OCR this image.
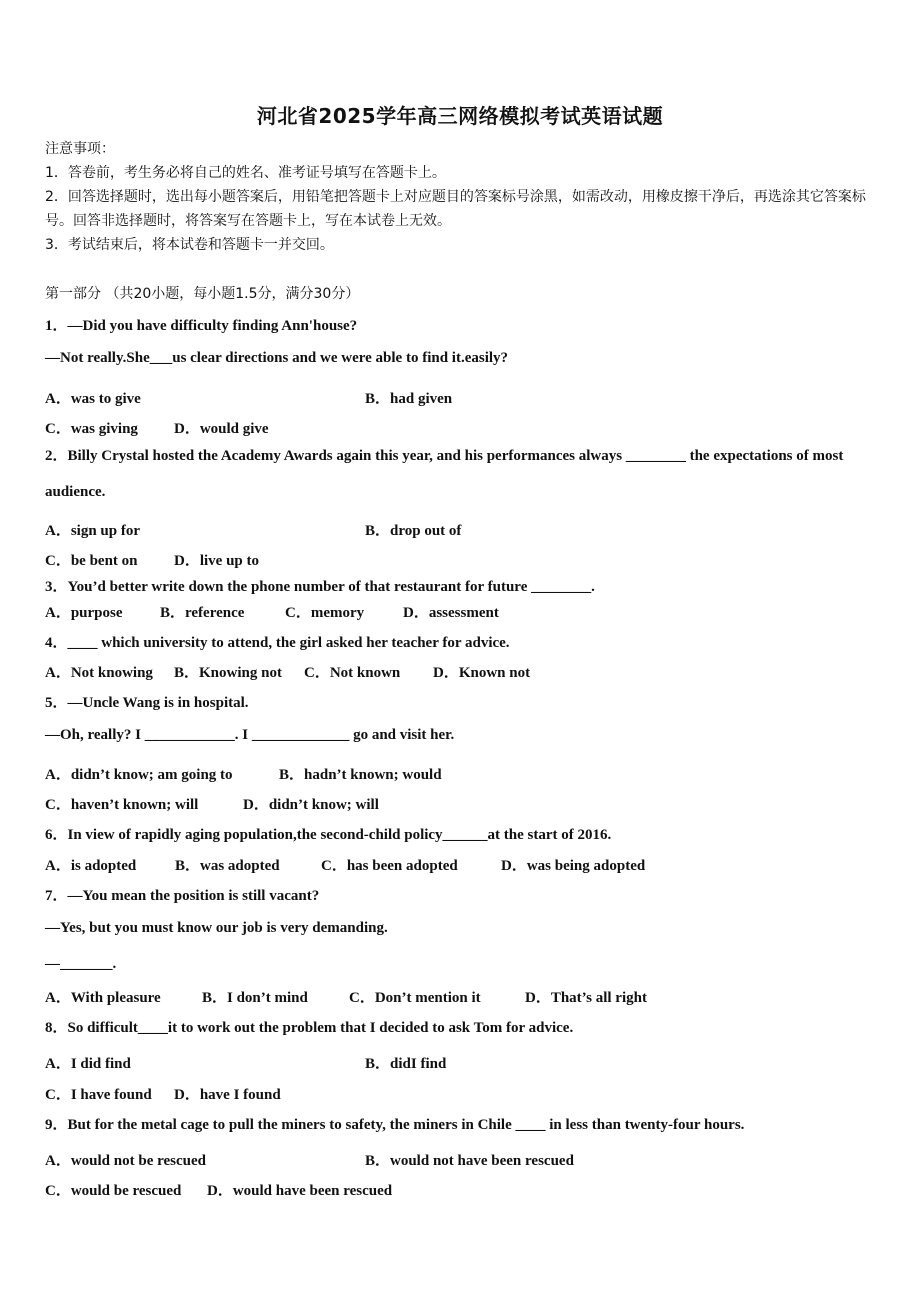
河北省2025学年高三网络模拟考试英语试题
注意事项：
1．答卷前，考生务必将自己的姓名、准考证号填写在答题卡上。
2．回答选择题时，选出每小题答案后，用铅笔把答题卡上对应题目的答案标号涂黑，如需改动，用橡皮擦干净后，再选涂其它答案标号。回答非选择题时，将答案写在答题卡上，写在本试卷上无效。
3．考试结束后，将本试卷和答题卡一并交回。
第一部分 （共20小题，每小题1.5分，满分30分）
1．—Did you have difficulty finding Ann'house?
—Not really.She___us clear directions and we were able to find it.easily?
A．was to give	B．had given
C．was giving D．would give
2．Billy Crystal hosted the Academy Awards again this year, and his performances always ________ the expectations of most audience.
A．sign up for	B．drop out of
C．be bent on D．live up to
3．You’d better write down the phone number of that restaurant for future ________.
A．purpose B．reference	C．memory	D．assessment
4．____ which university to attend, the girl asked her teacher for advice.
A．Not knowing B．Knowing not C．Not known D．Known not
5．—Uncle Wang is in hospital.
—Oh, really? I ____________. I _____________ go and visit her.
A．didn’t know; am going to	B．hadn’t known; would
C．haven’t known; will	D．didn’t know; will
6．In view of rapidly aging population,the second-child policy______at the start of 2016.
A．is adopted	B．was adopted	C．has been adopted	D．was being adopted
7．—You mean the position is still vacant?
—Yes, but you must know our job is very demanding.
—_______.
A．With pleasure	B．I don’t mind	C．Don’t mention it	D．That’s all right
8．So difficult____it to work out the problem that I decided to ask Tom for advice.
A．I did find	B．didI find
C．I have found D．have I found
9．But for the metal cage to pull the miners to safety, the miners in Chile ____ in less than twenty-four hours.
A．would not be rescued	B．would not have been rescued
C．would be rescued D．would have been rescued
